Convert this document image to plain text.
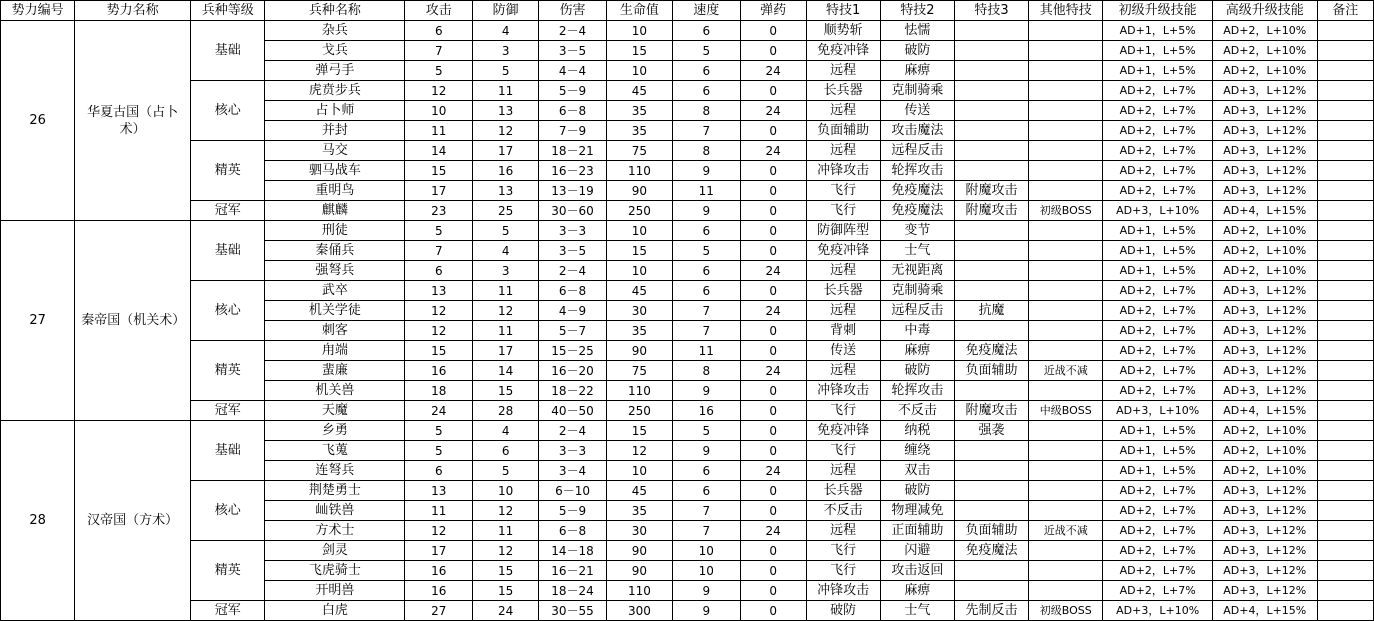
势力编号	势力名称	兵种等级	兵种名称	攻击	防御	伤害	生命值	速度	弹药	特技1	特技2	特技3	其他特技	初级升级技能	高级升级技能	备注
26	华夏古国（占卜术）	基础	杂兵	6	4	2－4	10	6	0	顺势斩	怯懦			AD+1，L+5%	AD+2，L+10%	
			戈兵	7	3	3－5	15	5	0	免疫冲锋	破防			AD+1，L+5%	AD+2，L+10%	
			弹弓手	5	5	4－4	10	6	24	远程	麻痹			AD+1，L+5%	AD+2，L+10%	
		核心	虎贲步兵	12	11	5－9	45	6	0	长兵器	克制骑乘			AD+2，L+7%	AD+3，L+12%	
			占卜师	10	13	6－8	35	8	24	远程	传送			AD+2，L+7%	AD+3，L+12%	
			并封	11	12	7－9	35	7	0	负面辅助	攻击魔法			AD+2，L+7%	AD+3，L+12%	
		精英	马交	14	17	18－21	75	8	24	远程	远程反击			AD+2，L+7%	AD+3，L+12%	
			驷马战车	15	16	16－23	110	9	0	冲锋攻击	轮挥攻击			AD+2，L+7%	AD+3，L+12%	
			重明鸟	17	13	13－19	90	11	0	飞行	免疫魔法	附魔攻击		AD+2，L+7%	AD+3，L+12%	
		冠军	麒麟	23	25	30－60	250	9	0	飞行	免疫魔法	附魔攻击	初级BOSS	AD+3，L+10%	AD+4，L+15%	
27	秦帝国（机关术）	基础	刑徒	5	5	3－3	10	6	0	防御阵型	变节			AD+1，L+5%	AD+2，L+10%	
			秦俑兵	7	4	3－5	15	5	0	免疫冲锋	士气			AD+1，L+5%	AD+2，L+10%	
			强弩兵	6	3	2－4	10	6	24	远程	无视距离			AD+1，L+5%	AD+2，L+10%	
		核心	武卒	13	11	6－8	45	6	0	长兵器	克制骑乘			AD+2，L+7%	AD+3，L+12%	
			机关学徒	12	12	4－9	30	7	24	远程	远程反击	抗魔		AD+2，L+7%	AD+3，L+12%	
			刺客	12	11	5－7	35	7	0	背刺	中毒			AD+2，L+7%	AD+3，L+12%	
		精英	甪端	15	17	15－25	90	11	0	传送	麻痹	免疫魔法		AD+2，L+7%	AD+3，L+12%	
			蜚廉	16	14	16－20	75	8	24	远程	破防	负面辅助	近战不减	AD+2，L+7%	AD+3，L+12%	
			机关兽	18	15	18－22	110	9	0	冲锋攻击	轮挥攻击			AD+2，L+7%	AD+3，L+12%	
		冠军	天魔	24	28	40－50	250	16	0	飞行	不反击	附魔攻击	中级BOSS	AD+3，L+10%	AD+4，L+15%	
28	汉帝国（方术）	基础	乡勇	5	4	2－4	15	5	0	免疫冲锋	纳税	强袭		AD+1，L+5%	AD+2，L+10%	
			飞蒐	5	6	3－3	12	9	0	飞行	缠绕			AD+1，L+5%	AD+2，L+10%	
			连弩兵	6	5	3－4	10	6	24	远程	双击			AD+1，L+5%	AD+2，L+10%	
		核心	荆楚勇士	13	10	6－10	45	6	0	长兵器	破防			AD+2，L+7%	AD+3，L+12%	
			屾铁兽	11	12	5－9	35	7	0	不反击	物理减免			AD+2，L+7%	AD+3，L+12%	
			方术士	12	11	6－8	30	7	24	远程	正面辅助	负面辅助	近战不减	AD+2，L+7%	AD+3，L+12%	
		精英	剑灵	17	12	14－18	90	10	0	飞行	闪避	免疫魔法		AD+2，L+7%	AD+3，L+12%	
			飞虎骑士	16	15	16－21	90	10	0	飞行	攻击返回			AD+2，L+7%	AD+3，L+12%	
			开明兽	16	15	18－24	110	9	0	冲锋攻击	麻痹			AD+2，L+7%	AD+3，L+12%	
		冠军	白虎	27	24	30－55	300	9	0	破防	士气	先制反击	初级BOSS	AD+3，L+10%	AD+4，L+15%	
